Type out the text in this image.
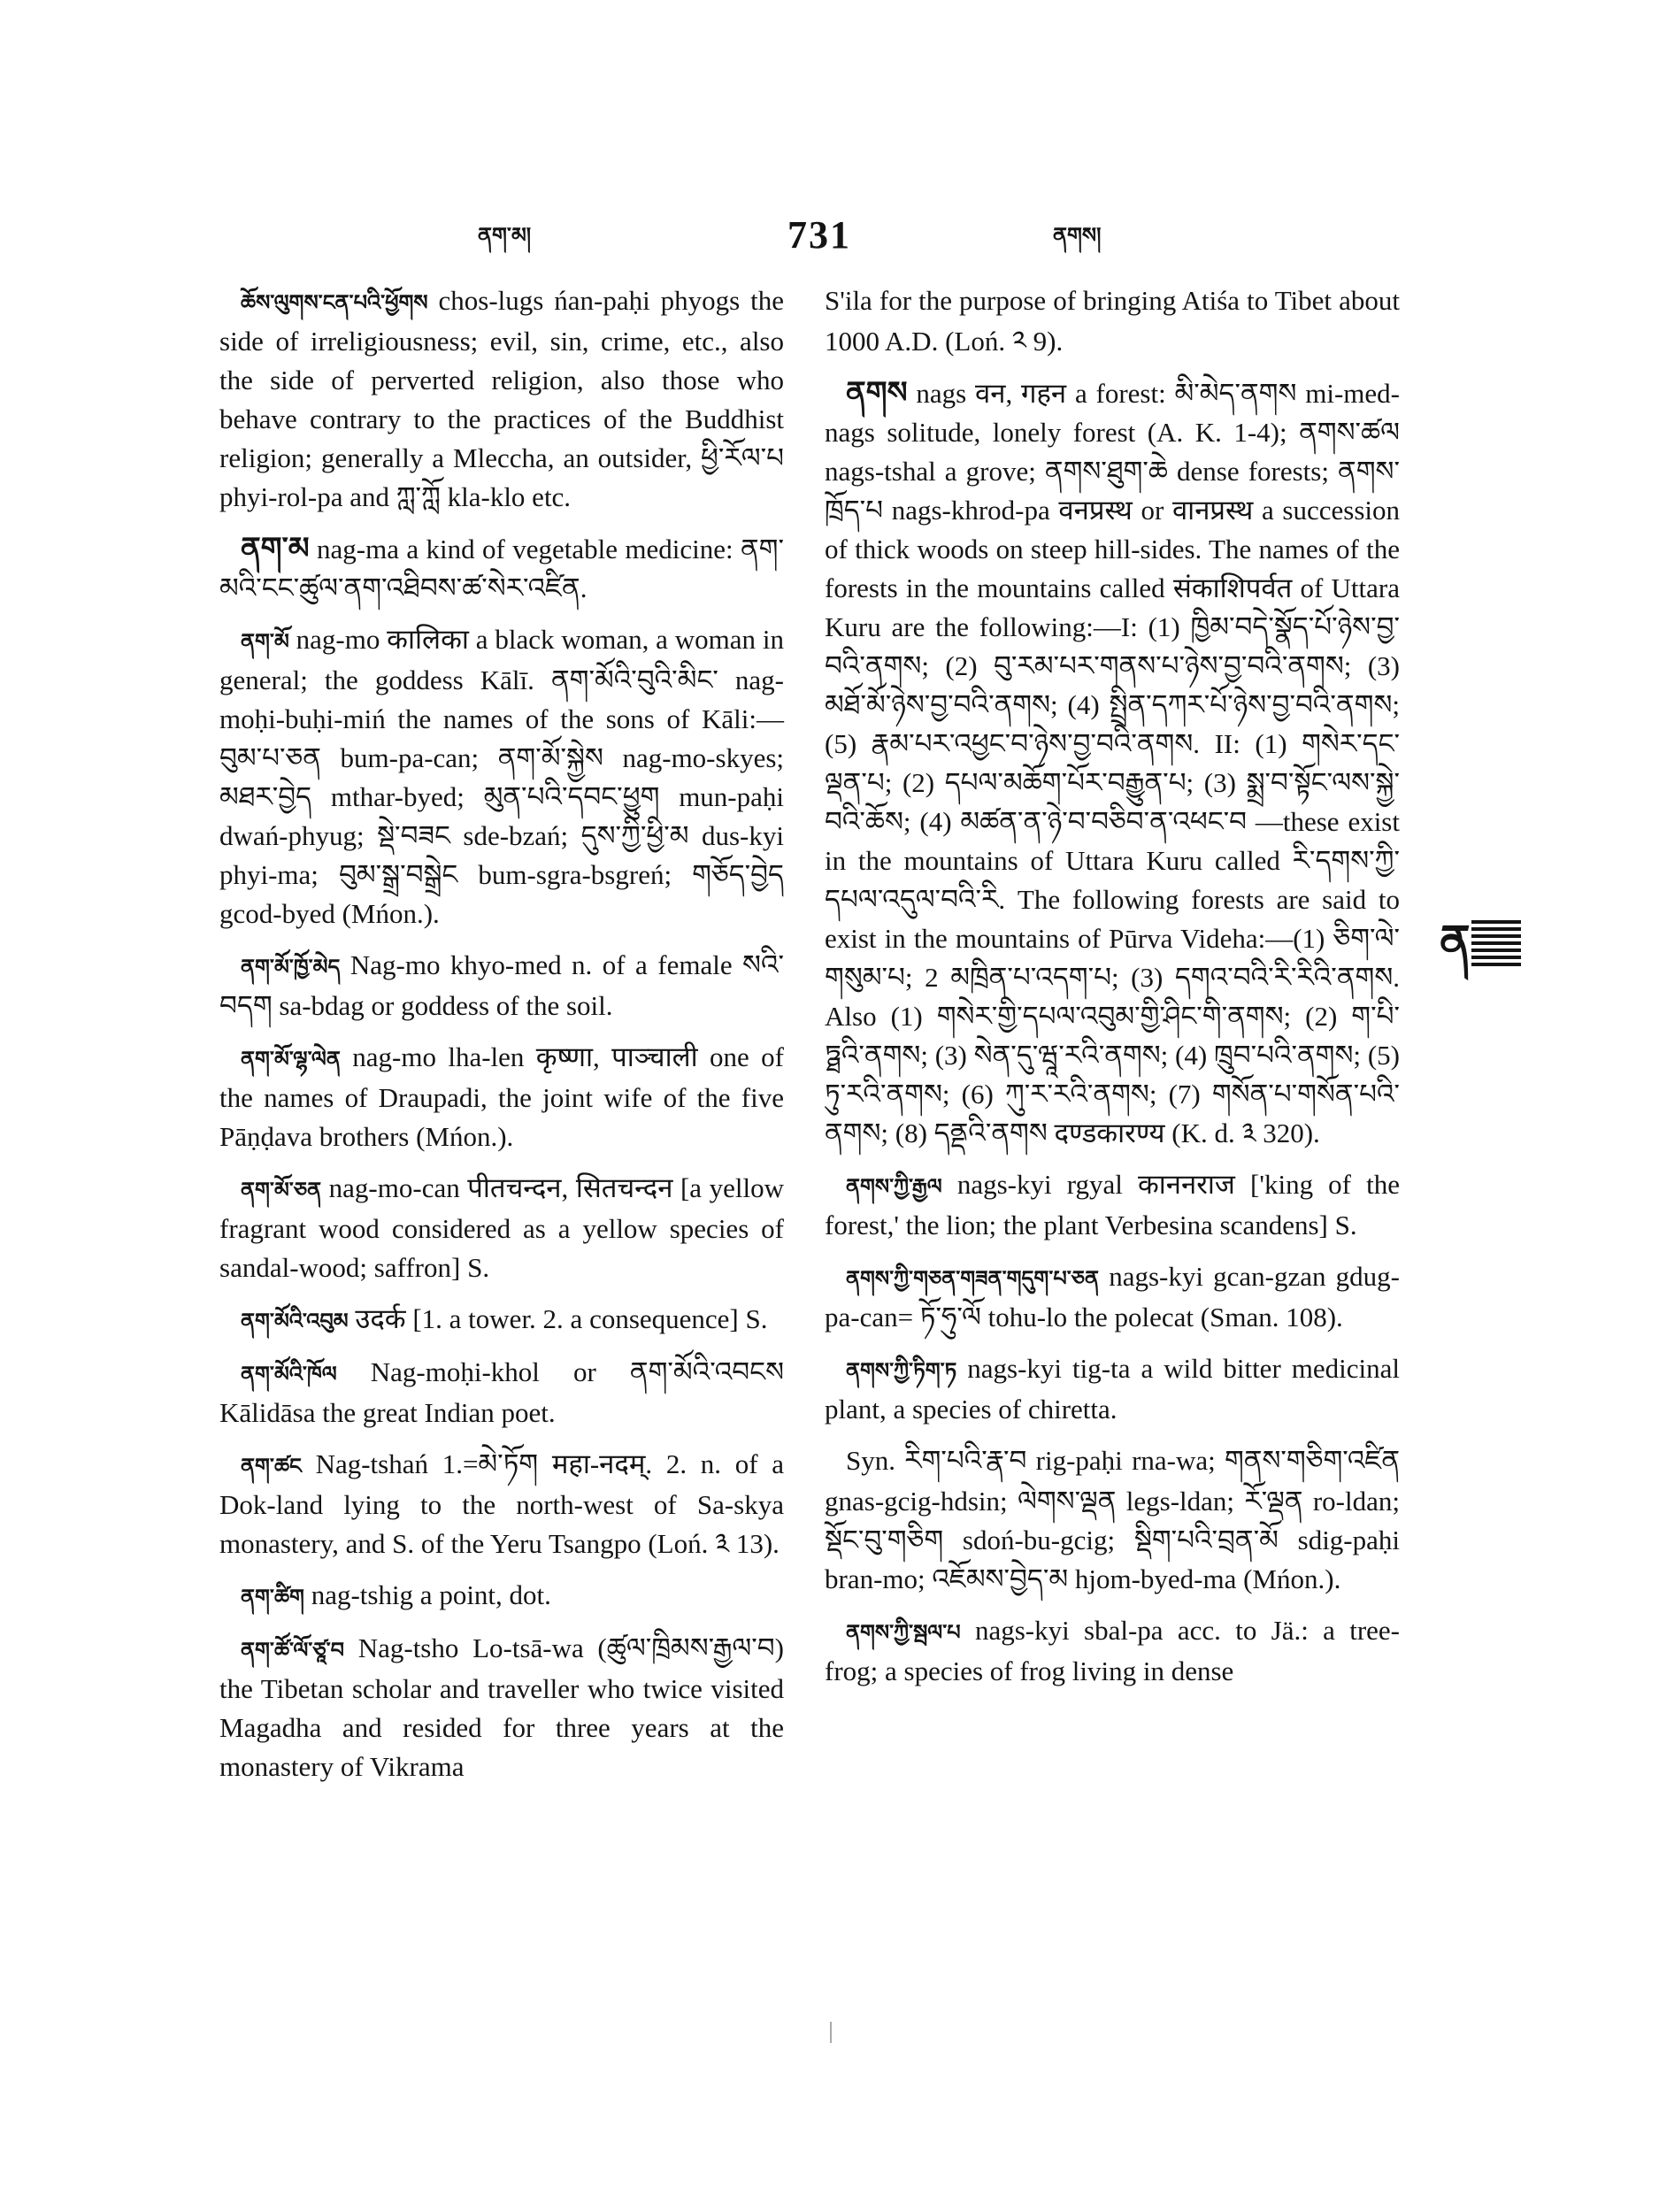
ནག་མ།	731	ནགས།

ཆོས་ལུགས་ངན་པའི་ཕྱོགས chos-lugs ńan-paḥi phyogs the side of irreligiousness; evil, sin, crime, etc., also the side of perverted religion, also those who behave contrary to the practices of the Buddhist religion; generally a Mleccha, an outsider, ཕྱི་རོལ་པ phyi-rol-pa and ཀླ་ཀློ kla-klo etc.

ནག་མ nag-ma a kind of vegetable medicine: ནག་མའི་ངང་ཚུལ་ནག་འཐིབས་ཚ་སེར་འཛིན.

ནག་མོ nag-mo कालिका a black woman, a woman in general; the goddess Kālī. ནག་མོའི་བུའི་མིང་ nag-moḥi-buḥi-miń the names of the sons of Kāli:—བུམ་པ་ཅན bum-pa-can; ནག་མོ་སྐྱེས nag-mo-skyes; མཐར་བྱེད mthar-byed; མུན་པའི་དབང་ཕྱུག mun-paḥi dwań-phyug; སྡེ་བཟང sde-bzań; དུས་ཀྱི་ཕྱི་མ dus-kyi phyi-ma; བུམ་སྒྲ་བསྒྲེང bum-sgra-bsgreń; གཅོད་བྱེད gcod-byed (Mńon.).

ནག་མོ་ཁྱོ་མེད Nag-mo khyo-med n. of a female སའི་བདག sa-bdag or goddess of the soil.

ནག་མོ་ལྷ་ལེན nag-mo lha-len कृष्णा, पाञ्चाली one of the names of Draupadi, the joint wife of the five Pāṇḍava brothers (Mńon.).

ནག་མོ་ཅན nag-mo-can पीतचन्दन, सितचन्दन [a yellow fragrant wood considered as a yellow species of sandal-wood; saffron] S.

ནག་མོའི་འབུམ उदर्क [1. a tower. 2. a consequence] S.

ནག་མོའི་ཁོལ Nag-moḥi-khol or ནག་མོའི་འབངས Kālidāsa the great Indian poet.

ནག་ཚང Nag-tshań 1.=མེ་ཏོག महा-नदम्. 2. n. of a Dok-land lying to the north-west of Sa-skya monastery, and S. of the Yeru Tsangpo (Loń. ༣ 13).

ནག་ཚིག nag-tshig a point, dot.

ནག་ཚོ་ལོ་ཙཱ་བ Nag-tsho Lo-tsā-wa (ཚུལ་ཁྲིམས་རྒྱལ་བ) the Tibetan scholar and traveller who twice visited Magadha and resided for three years at the monastery of Vikrama

S'ila for the purpose of bringing Atiśa to Tibet about 1000 A.D. (Loń. ༢ 9).

ནགས nags वन, गहन a forest: མི་མེད་ནགས mi-med-nags solitude, lonely forest (A. K. 1-4); ནགས་ཚལ nags-tshal a grove; ནགས་ཐུག་ཆེ dense forests; ནགས་ཁྲོད་པ nags-khrod-pa वनप्रस्थ or वानप्रस्थ a succession of thick woods on steep hill-sides. The names of the forests in the mountains called संकाशिपर्वत of Uttara Kuru are the following:—I: (1) ཁྱིམ་བདེ་སྣོད་པོ་ཉེས་བྱ་བའི་ནགས; (2) བུ་རམ་པར་གནས་པ་ཉེས་བྱ་བའི་ནགས; (3) མཐོ་མོ་ཉེས་བྱ་བའི་ནགས; (4) སྤྲིན་དཀར་པོ་ཉེས་བྱ་བའི་ནགས; (5) རྣམ་པར་འཕྱང་བ་ཉེས་བྱ་བའི་ནགས. II: (1) གསེར་དང་ལྡན་པ; (2) དཔལ་མཆོག་པོར་བརྒྱུན་པ; (3) སྨྲ་བ་སྟོང་ལས་སྐྱེ་བའི་ཆོས; (4) མཚན་ན་ཉེ་བ་བཅིབ་ན་འཕང་བ —these exist in the mountains of Uttara Kuru called རི་དགས་ཀྱི་དཔལ་འདུལ་བའི་རི. The following forests are said to exist in the mountains of Pūrva Videha:—(1) ཅིག་ལེ་གསུམ་པ; 2 མཁྲིན་པ་འདག་པ; (3) དགའ་བའི་རི་རིའི་ནགས. Also (1) གསེར་གྱི་དཔལ་འབུམ་གྱི་ཤིང་གི་ནགས; (2) ག་པི་ཏྠའི་ནགས; (3) སེན་དུ་ཝཱ་རའི་ནགས; (4) ཁྲུབ་པའི་ནགས; (5) ཏུ་རའི་ནགས; (6) ཀུ་ར་རའི་ནགས; (7) གསོན་པ་གསོན་པའི་ནགས; (8) དནྡའི་ནགས दण्डकारण्य (K. d. ༣ 320).

ནགས་ཀྱི་རྒྱལ nags-kyi rgyal काननराज ['king of the forest,' the lion; the plant Verbesina scandens] S.

ནགས་ཀྱི་གཅན་གཟན་གདུག་པ་ཅན nags-kyi gcan-gzan gdug-pa-can= ཏོ་ཧུ་ལོ tohu-lo the polecat (Sman. 108).

ནགས་ཀྱི་ཏིག་ཏ nags-kyi tig-ta a wild bitter medicinal plant, a species of chiretta.

Syn. རིག་པའི་རྣ་བ rig-paḥi rna-wa; གནས་གཅིག་འཛིན gnas-gcig-hdsin; ལེགས་ལྡན legs-ldan; རོ་ལྡན ro-ldan; སྡོང་བུ་གཅིག sdoń-bu-gcig; སྡིག་པའི་བྲན་མོ sdig-paḥi bran-mo; འཇོམས་བྱེད་མ hjom-byed-ma (Mńon.).

ནགས་ཀྱི་སྦལ་པ nags-kyi sbal-pa acc. to Jä.: a tree-frog; a species of frog living in dense

ན
